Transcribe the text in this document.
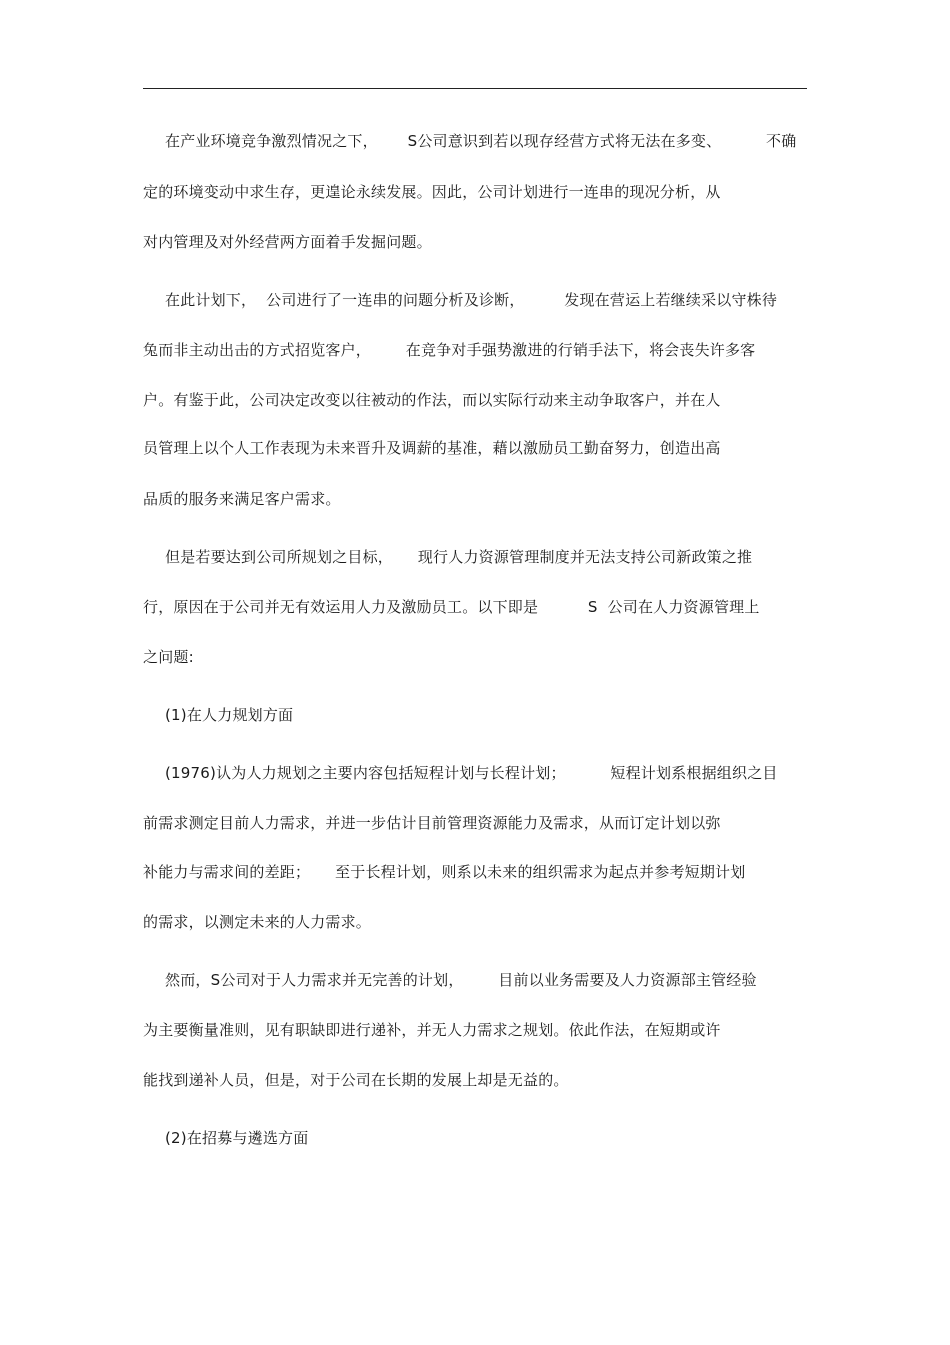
在产业环境竞争激烈情况之下，      S公司意识到若以现存经营方式将无法在多变、         不确
定的环境变动中求生存，更遑论永续发展。因此，公司计划进行一连串的现况分析，从
对内管理及对外经营两方面着手发掘问题。
在此计划下，  公司进行了一连串的问题分析及诊断，        发现在营运上若继续采以守株待
兔而非主动出击的方式招览客户，       在竞争对手强势激进的行销手法下，将会丧失许多客
户。有鉴于此，公司决定改变以往被动的作法，而以实际行动来主动争取客户，并在人
员管理上以个人工作表现为未来晋升及调薪的基准，藉以激励员工勤奋努力，创造出高
品质的服务来满足客户需求。
但是若要达到公司所规划之目标，     现行人力资源管理制度并无法支持公司新政策之推
行，原因在于公司并无有效运用人力及激励员工。以下即是          S  公司在人力资源管理上
之问题:
(1)在人力规划方面
(1976)认为人力规划之主要内容包括短程计划与长程计划；         短程计划系根据组织之目
前需求测定目前人力需求，并进一步估计目前管理资源能力及需求，从而订定计划以弥
补能力与需求间的差距；     至于长程计划，则系以未来的组织需求为起点并参考短期计划
的需求，以测定未来的人力需求。
然而，S公司对于人力需求并无完善的计划，       目前以业务需要及人力资源部主管经验
为主要衡量准则，见有职缺即进行递补，并无人力需求之规划。依此作法，在短期或许
能找到递补人员，但是，对于公司在长期的发展上却是无益的。
(2)在招募与遴选方面
